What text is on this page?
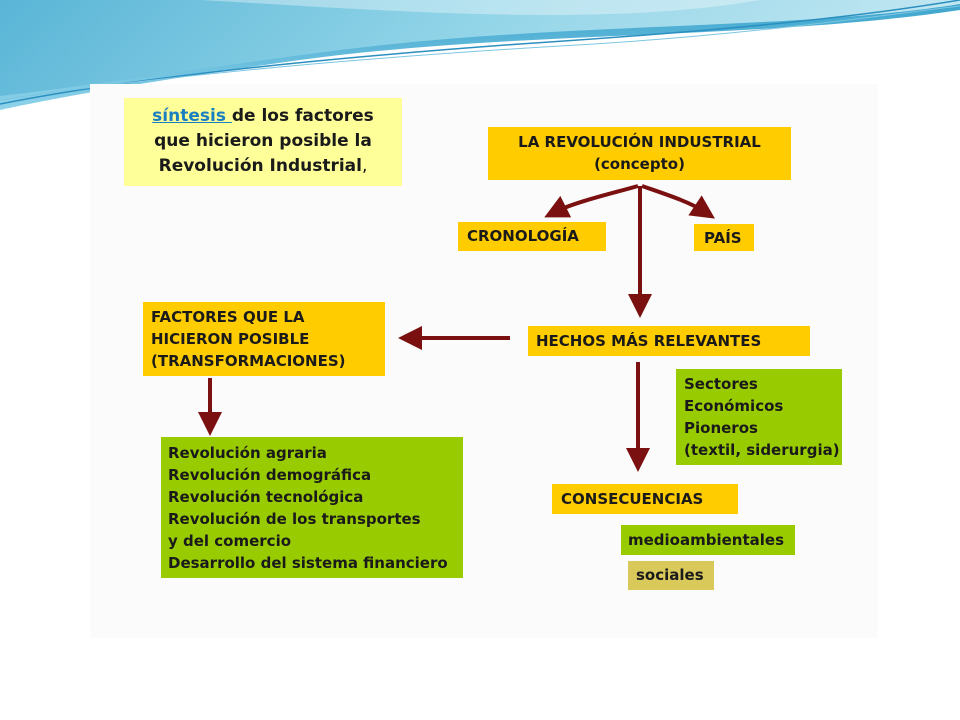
síntesis de los factores
que hicieron posible la
Revolución Industrial,
LA REVOLUCIÓN INDUSTRIAL
(concepto)
CRONOLOGÍA	PAÍS
FACTORES QUE LA
HICIERON POSIBLE
(TRANSFORMACIONES)
HECHOS MÁS RELEVANTES
Sectores
Económicos
Pioneros
(textil, siderurgia)
Revolución agraria
Revolución demográfica
Revolución tecnológica
Revolución de los transportes
y del comercio
Desarrollo del sistema financiero
CONSECUENCIAS
medioambientales
sociales
